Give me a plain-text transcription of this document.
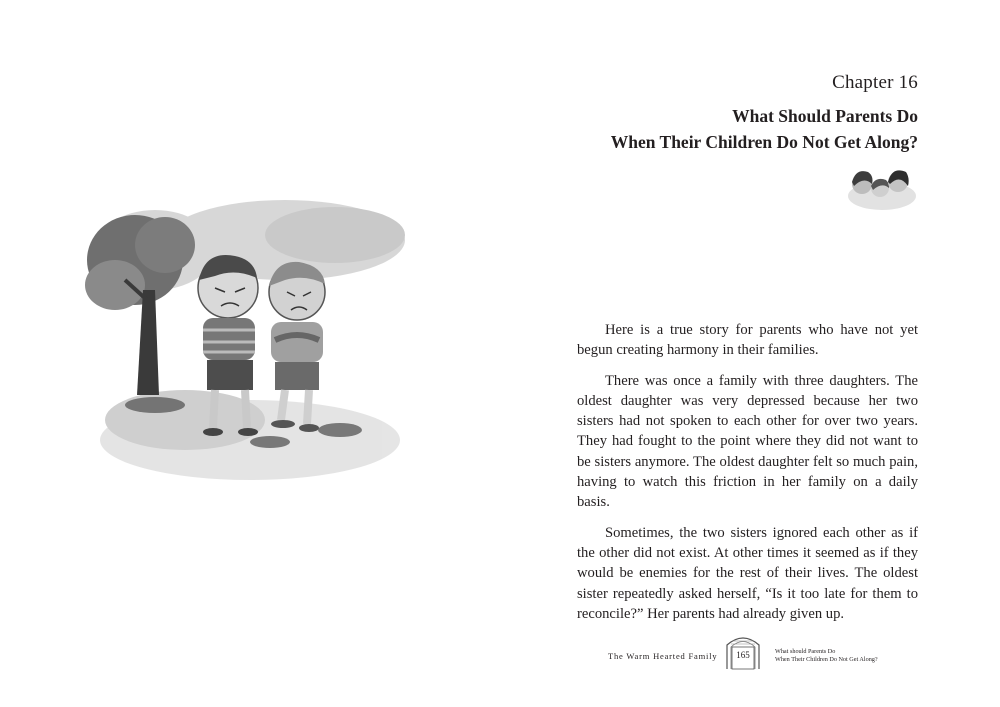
Chapter 16
What Should Parents Do
When Their Children Do Not Get Along?

Here is a true story for parents who have not yet begun creating harmony in their families.

There was once a family with three daughters. The oldest daughter was very depressed because her two sisters had not spoken to each other for over two years. They had fought to the point where they did not want to be sisters anymore. The oldest daughter felt so much pain, having to watch this friction in her family on a daily basis.

Sometimes, the two sisters ignored each other as if the other did not exist. At other times it seemed as if they would be enemies for the rest of their lives. The oldest sister repeatedly asked herself, “Is it too late for them to reconcile?” Her parents had already given up.

The Warm Hearted Family	165	What should Parents Do
When Their Children Do Not Get Along?
